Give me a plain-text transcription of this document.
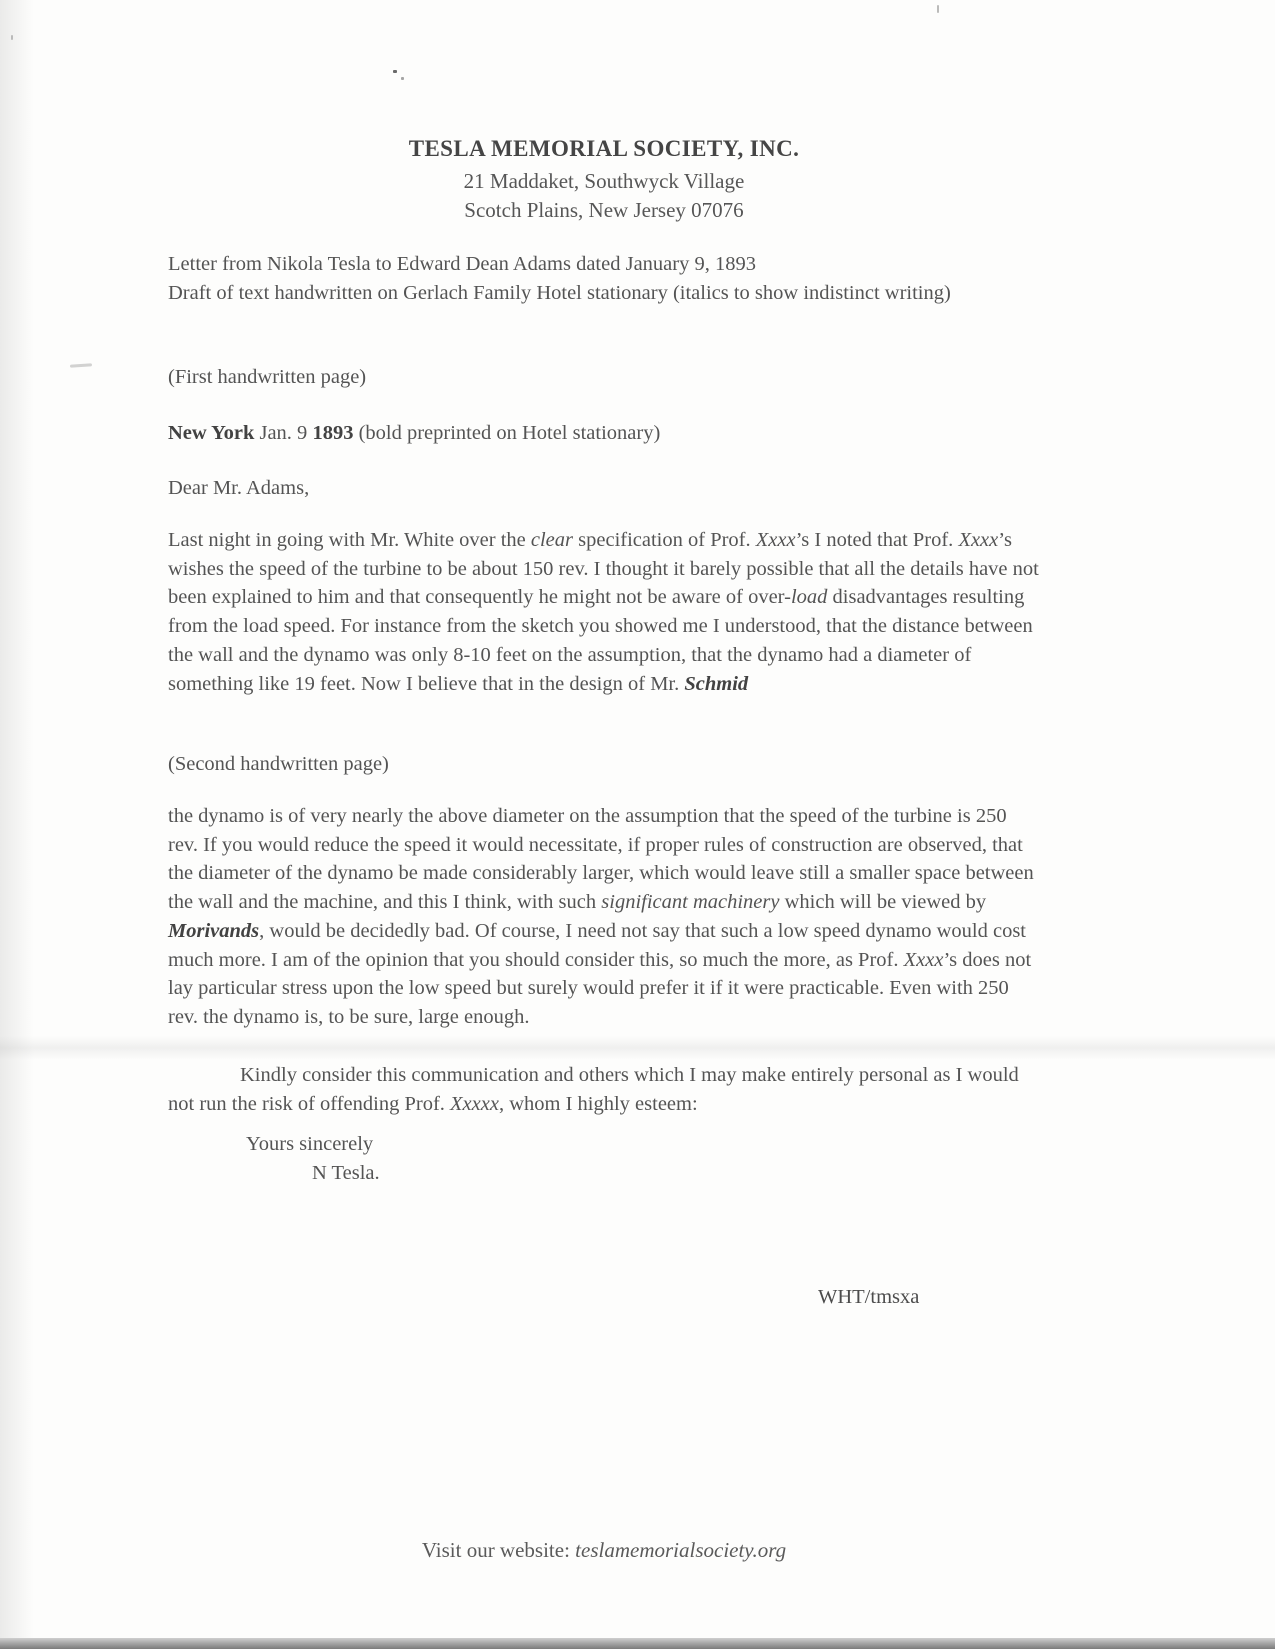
TESLA MEMORIAL SOCIETY, INC.
21 Maddaket, Southwyck Village
Scotch Plains, New Jersey 07076
Letter from Nikola Tesla to Edward Dean Adams dated January 9, 1893
Draft of text handwritten on Gerlach Family Hotel stationary (italics to show indistinct writing)
(First handwritten page)
New York Jan. 9 1893 (bold preprinted on Hotel stationary)
Dear Mr. Adams,
Last night in going with Mr. White over the clear specification of Prof. Xxxx’s I noted that Prof. Xxxx’s wishes the speed of the turbine to be about 150 rev. I thought it barely possible that all the details have not been explained to him and that consequently he might not be aware of over-load disadvantages resulting from the load speed. For instance from the sketch you showed me I understood, that the distance between the wall and the dynamo was only 8-10 feet on the assumption, that the dynamo had a diameter of something like 19 feet. Now I believe that in the design of Mr. Schmid
(Second handwritten page)
the dynamo is of very nearly the above diameter on the assumption that the speed of the turbine is 250 rev. If you would reduce the speed it would necessitate, if proper rules of construction are observed, that the diameter of the dynamo be made considerably larger, which would leave still a smaller space between the wall and the machine, and this I think, with such significant machinery which will be viewed by Morivands, would be decidedly bad. Of course, I need not say that such a low speed dynamo would cost much more. I am of the opinion that you should consider this, so much the more, as Prof. Xxxx’s does not lay particular stress upon the low speed but surely would prefer it if it were practicable. Even with 250 rev. the dynamo is, to be sure, large enough.
Kindly consider this communication and others which I may make entirely personal as I would not run the risk of offending Prof. Xxxxx, whom I highly esteem:
Yours sincerely
N Tesla.
WHT/tmsxa
Visit our website: teslamemorialsociety.org
